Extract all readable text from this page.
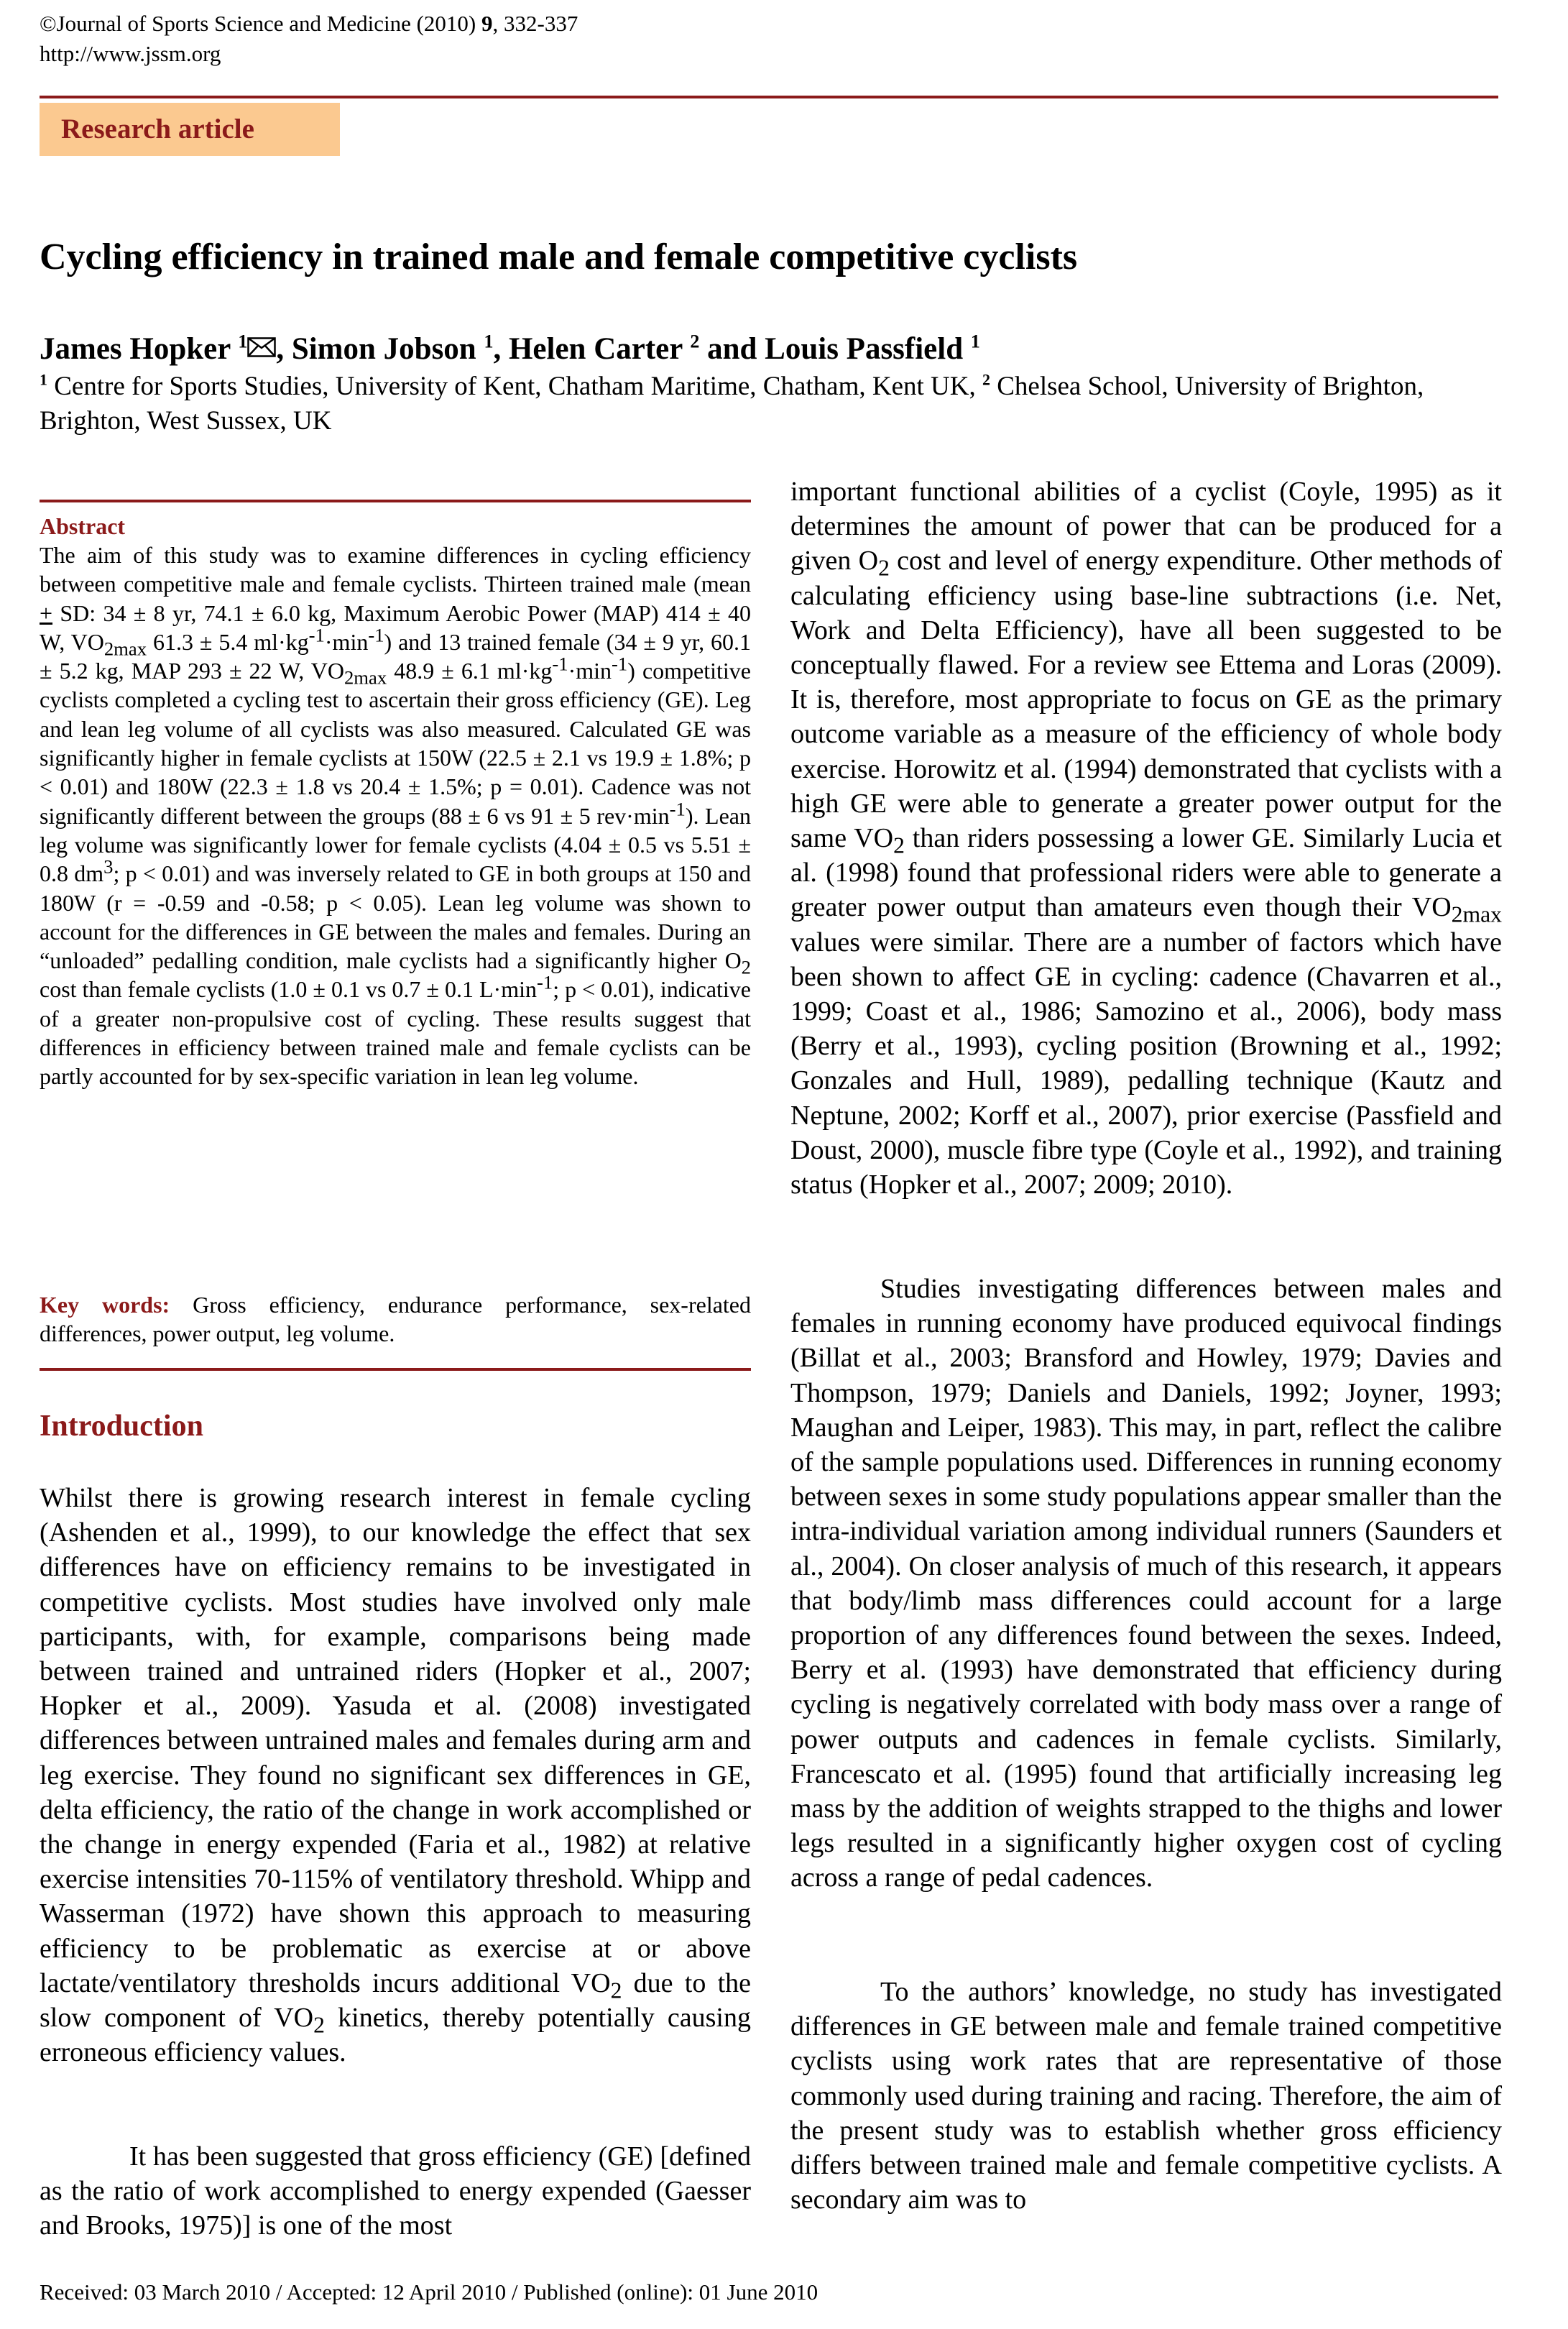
©Journal of Sports Science and Medicine (2010) 9, 332-337
http://www.jssm.org
Research article
Cycling efficiency in trained male and female competitive cyclists
James Hopker $^1$ , Simon Jobson $^1$, Helen Carter $^2$ and Louis Passfield $^1$
$^1$ Centre for Sports Studies, University of Kent, Chatham Maritime, Chatham, Kent UK, $^2$ Chelsea School, University of Brighton, Brighton, West Sussex, UK
Abstract
The aim of this study was to examine differences in cycling efficiency between competitive male and female cyclists. Thirteen trained male (mean + SD: 34 ± 8 yr, 74.1 ± 6.0 kg, Maximum Aerobic Power (MAP) 414 ± 40 W, $VO_{2max}$ 61.3 ± 5.4 $ml\cdot kg^{-1}\cdot\min^{-1}$) and 13 trained female (34 ± 9 yr, 60.1 ± 5.2 kg, MAP 293 ± 22 W, $VO_{2max}$ 48.9 ± 6.1 $ml\cdot kg^{-1}\cdot\min^{-1}$) competitive cyclists completed a cycling test to ascertain their gross efficiency (GE). Leg and lean leg volume of all cyclists was also measured. Calculated GE was significantly higher in female cyclists at 150W (22.5 ± 2.1 vs 19.9 ± 1.8%; p < 0.01) and 180W (22.3 ± 1.8 vs 20.4 ± 1.5%; p = 0.01). Cadence was not significantly different between the groups (88 ± 6 vs 91 ± 5 $rev\cdot\min^{-1}$). Lean leg volume was significantly lower for female cyclists (4.04 ± 0.5 vs 5.51 ± 0.8 $dm^3$; p < 0.01) and was inversely related to GE in both groups at 150 and 180W (r = -0.59 and -0.58; p < 0.05). Lean leg volume was shown to account for the differences in GE between the males and females. During an “unloaded” pedalling condition, male cyclists had a significantly higher $O_2$ cost than female cyclists (1.0 ± 0.1 vs 0.7 ± 0.1 $L\cdot\min^{-1}$; p < 0.01), indicative of a greater non-propulsive cost of cycling. These results suggest that differences in efficiency between trained male and female cyclists can be partly accounted for by sex-specific variation in lean leg volume.
Key words: Gross efficiency, endurance performance, sex-related differences, power output, leg volume.
Introduction
Whilst there is growing research interest in female cycling (Ashenden et al., 1999), to our knowledge the effect that sex differences have on efficiency remains to be investigated in competitive cyclists. Most studies have involved only male participants, with, for example, comparisons being made between trained and untrained riders (Hopker et al., 2007; Hopker et al., 2009). Yasuda et al. (2008) investigated differences between untrained males and females during arm and leg exercise. They found no significant sex differences in GE, delta efficiency, the ratio of the change in work accomplished or the change in energy expended (Faria et al., 1982) at relative exercise intensities 70-115% of ventilatory threshold. Whipp and Wasserman (1972) have shown this approach to measuring efficiency to be problematic as exercise at or above lactate/ventilatory thresholds incurs additional $VO_2$ due to the slow component of $VO_2$ kinetics, thereby potentially causing erroneous efficiency values.
It has been suggested that gross efficiency (GE) [defined as the ratio of work accomplished to energy expended (Gaesser and Brooks, 1975)] is one of the most
important functional abilities of a cyclist (Coyle, 1995) as it determines the amount of power that can be produced for a given $O_2$ cost and level of energy expenditure. Other methods of calculating efficiency using base-line subtractions (i.e. Net, Work and Delta Efficiency), have all been suggested to be conceptually flawed. For a review see Ettema and Loras (2009). It is, therefore, most appropriate to focus on GE as the primary outcome variable as a measure of the efficiency of whole body exercise. Horowitz et al. (1994) demonstrated that cyclists with a high GE were able to generate a greater power output for the same $VO_2$ than riders possessing a lower GE. Similarly Lucia et al. (1998) found that professional riders were able to generate a greater power output than amateurs even though their $VO_{2max}$ values were similar. There are a number of factors which have been shown to affect GE in cycling: cadence (Chavarren et al., 1999; Coast et al., 1986; Samozino et al., 2006), body mass (Berry et al., 1993), cycling position (Browning et al., 1992; Gonzales and Hull, 1989), pedalling technique (Kautz and Neptune, 2002; Korff et al., 2007), prior exercise (Passfield and Doust, 2000), muscle fibre type (Coyle et al., 1992), and training status (Hopker et al., 2007; 2009; 2010).
Studies investigating differences between males and females in running economy have produced equivocal findings (Billat et al., 2003; Bransford and Howley, 1979; Davies and Thompson, 1979; Daniels and Daniels, 1992; Joyner, 1993; Maughan and Leiper, 1983). This may, in part, reflect the calibre of the sample populations used. Differences in running economy between sexes in some study populations appear smaller than the intra-individual variation among individual runners (Saunders et al., 2004). On closer analysis of much of this research, it appears that body/limb mass differences could account for a large proportion of any differences found between the sexes. Indeed, Berry et al. (1993) have demonstrated that efficiency during cycling is negatively correlated with body mass over a range of power outputs and cadences in female cyclists. Similarly, Francescato et al. (1995) found that artificially increasing leg mass by the addition of weights strapped to the thighs and lower legs resulted in a significantly higher oxygen cost of cycling across a range of pedal cadences.
To the authors’ knowledge, no study has investigated differences in GE between male and female trained competitive cyclists using work rates that are representative of those commonly used during training and racing. Therefore, the aim of the present study was to establish whether gross efficiency differs between trained male and female competitive cyclists. A secondary aim was to
Received: 03 March 2010 / Accepted: 12 April 2010 / Published (online): 01 June 2010
